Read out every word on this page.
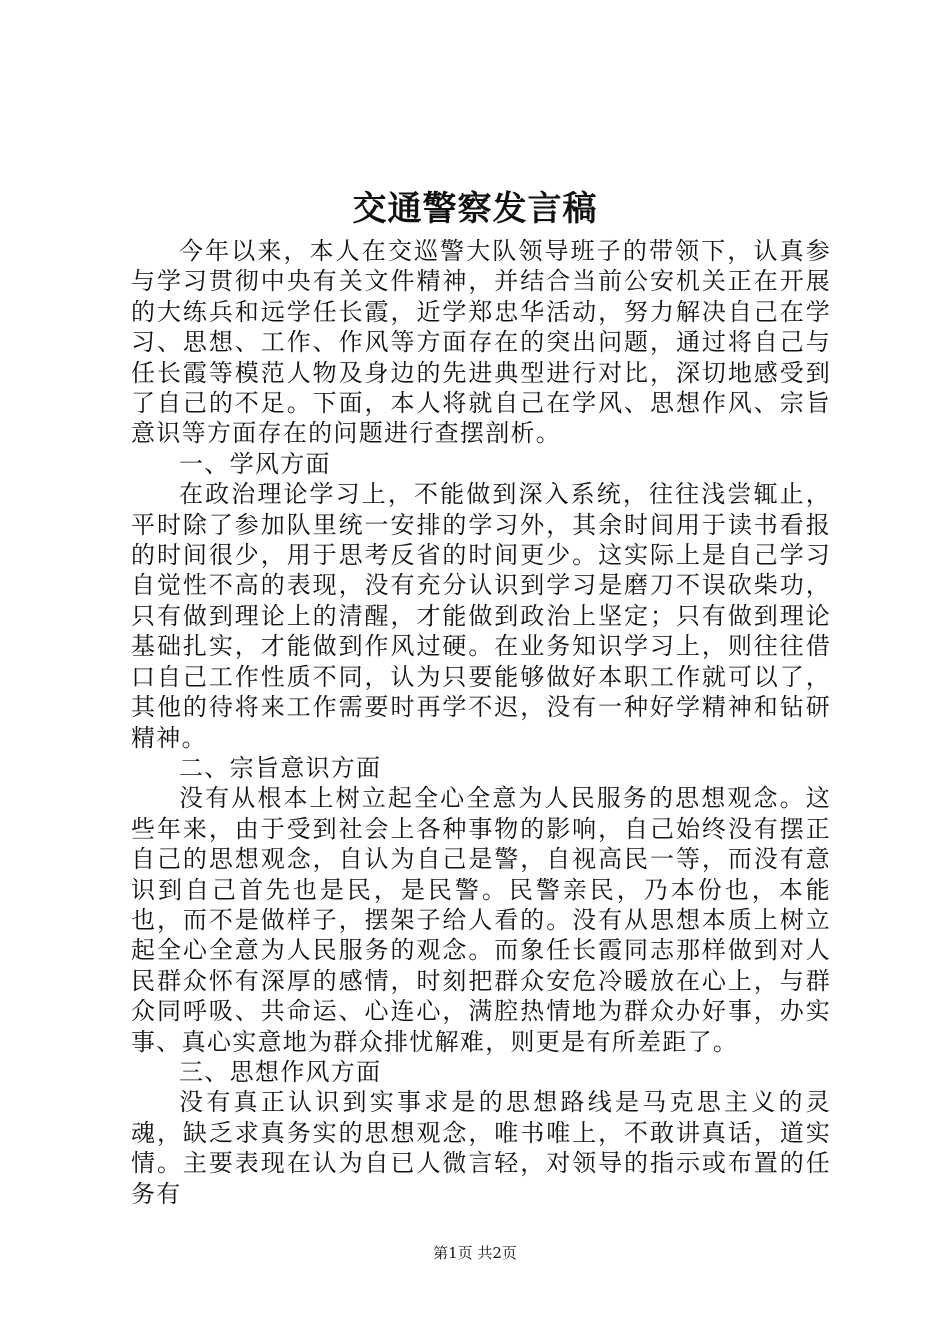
交通警察发言稿

今年以来，本人在交巡警大队领导班子的带领下，认真参与学习贯彻中央有关文件精神，并结合当前公安机关正在开展的大练兵和远学任长霞，近学郑忠华活动，努力解决自己在学习、思想、工作、作风等方面存在的突出问题，通过将自己与任长霞等模范人物及身边的先进典型进行对比，深切地感受到了自己的不足。下面，本人将就自己在学风、思想作风、宗旨意识等方面存在的问题进行查摆剖析。

一、学风方面

在政治理论学习上，不能做到深入系统，往往浅尝辄止，平时除了参加队里统一安排的学习外，其余时间用于读书看报的时间很少，用于思考反省的时间更少。这实际上是自己学习自觉性不高的表现，没有充分认识到学习是磨刀不误砍柴功，只有做到理论上的清醒，才能做到政治上坚定；只有做到理论基础扎实，才能做到作风过硬。在业务知识学习上，则往往借口自己工作性质不同，认为只要能够做好本职工作就可以了，其他的待将来工作需要时再学不迟，没有一种好学精神和钻研精神。

二、宗旨意识方面

没有从根本上树立起全心全意为人民服务的思想观念。这些年来，由于受到社会上各种事物的影响，自己始终没有摆正自己的思想观念，自认为自己是警，自视高民一等，而没有意识到自己首先也是民，是民警。民警亲民，乃本份也，本能也，而不是做样子，摆架子给人看的。没有从思想本质上树立起全心全意为人民服务的观念。而象任长霞同志那样做到对人民群众怀有深厚的感情，时刻把群众安危冷暖放在心上，与群众同呼吸、共命运、心连心，满腔热情地为群众办好事，办实事、真心实意地为群众排忧解难，则更是有所差距了。

三、思想作风方面

没有真正认识到实事求是的思想路线是马克思主义的灵魂，缺乏求真务实的思想观念，唯书唯上，不敢讲真话，道实情。主要表现在认为自已人微言轻，对领导的指示或布置的任务有

第1页 共2页
